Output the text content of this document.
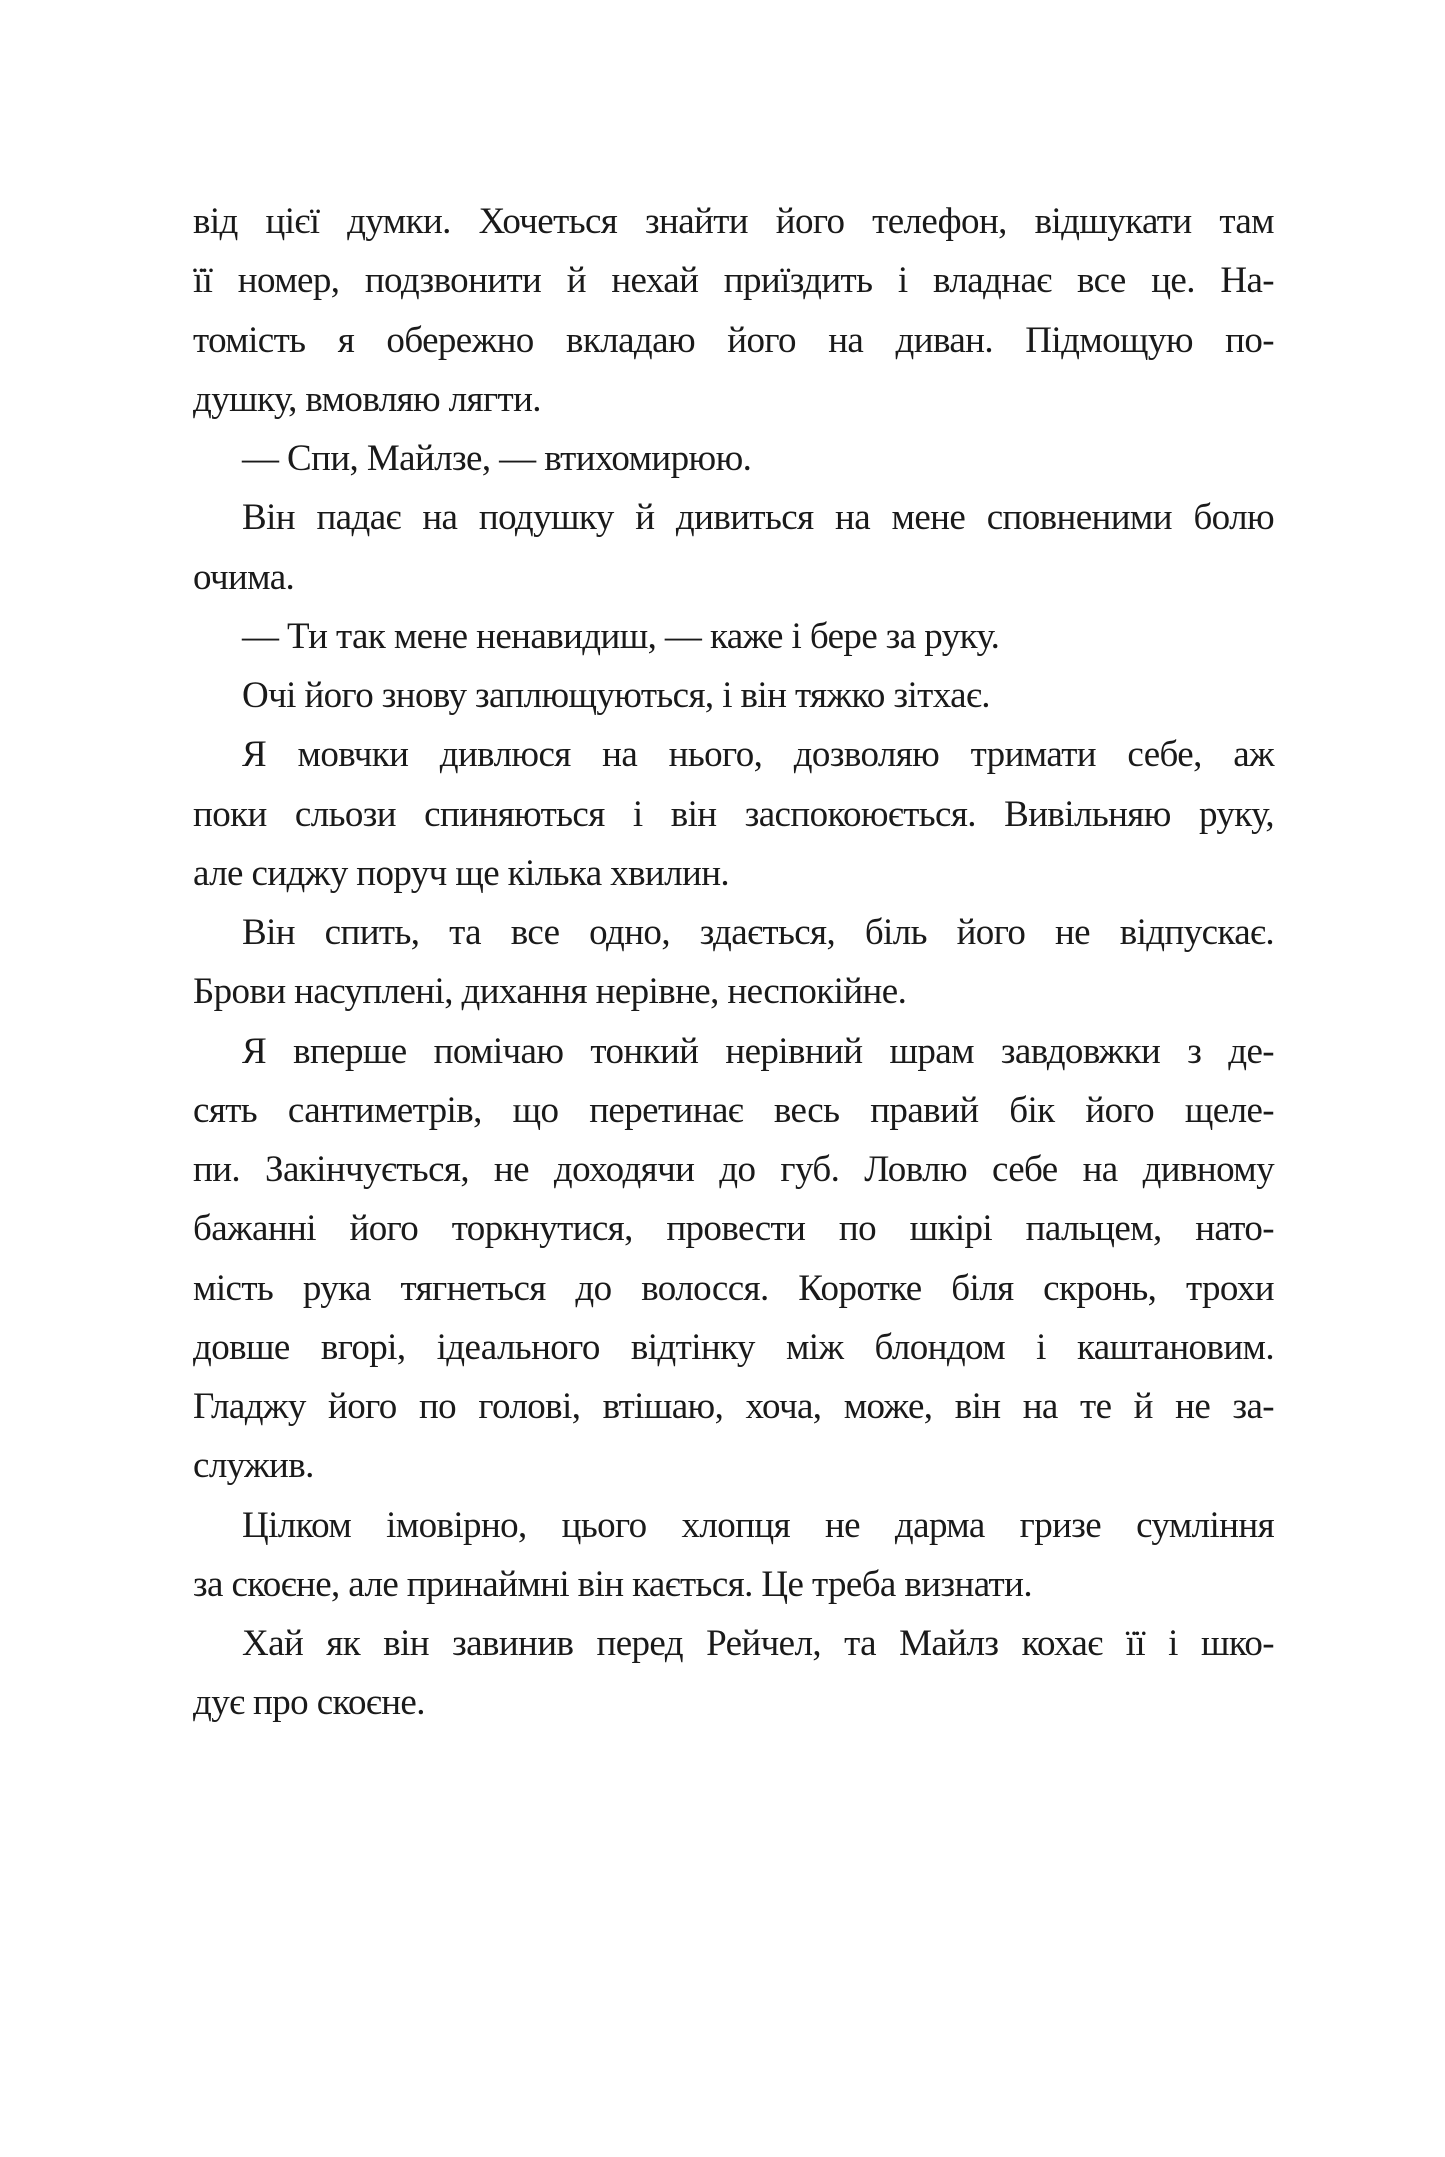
від цієї думки. Хочеться знайти його телефон, відшукати там
її номер, подзвонити й нехай приїздить і владнає все це. На-
томість я обережно вкладаю його на диван. Підмощую по-
душку, вмовляю лягти.

— Спи, Майлзе, — втихомирюю.

Він падає на подушку й дивиться на мене сповненими болю
очима.

— Ти так мене ненавидиш, — каже і бере за руку.

Очі його знову заплющуються, і він тяжко зітхає.

Я мовчки дивлюся на нього, дозволяю тримати себе, аж
поки сльози спиняються і він заспокоюється. Вивільняю руку,
але сиджу поруч ще кілька хвилин.

Він спить, та все одно, здається, біль його не відпускає.
Брови насуплені, дихання нерівне, неспокійне.

Я вперше помічаю тонкий нерівний шрам завдовжки з де-
сять сантиметрів, що перетинає весь правий бік його щеле-
пи. Закінчується, не доходячи до губ. Ловлю себе на дивному
бажанні його торкнутися, провести по шкірі пальцем, нато-
мість рука тягнеться до волосся. Коротке біля скронь, трохи
довше вгорі, ідеального відтінку між блондом і каштановим.
Гладжу його по голові, втішаю, хоча, може, він на те й не за-
служив.

Цілком імовірно, цього хлопця не дарма гризе сумління
за скоєне, але принаймні він кається. Це треба визнати.

Хай як він завинив перед Рейчел, та Майлз кохає її і шко-
дує про скоєне.
